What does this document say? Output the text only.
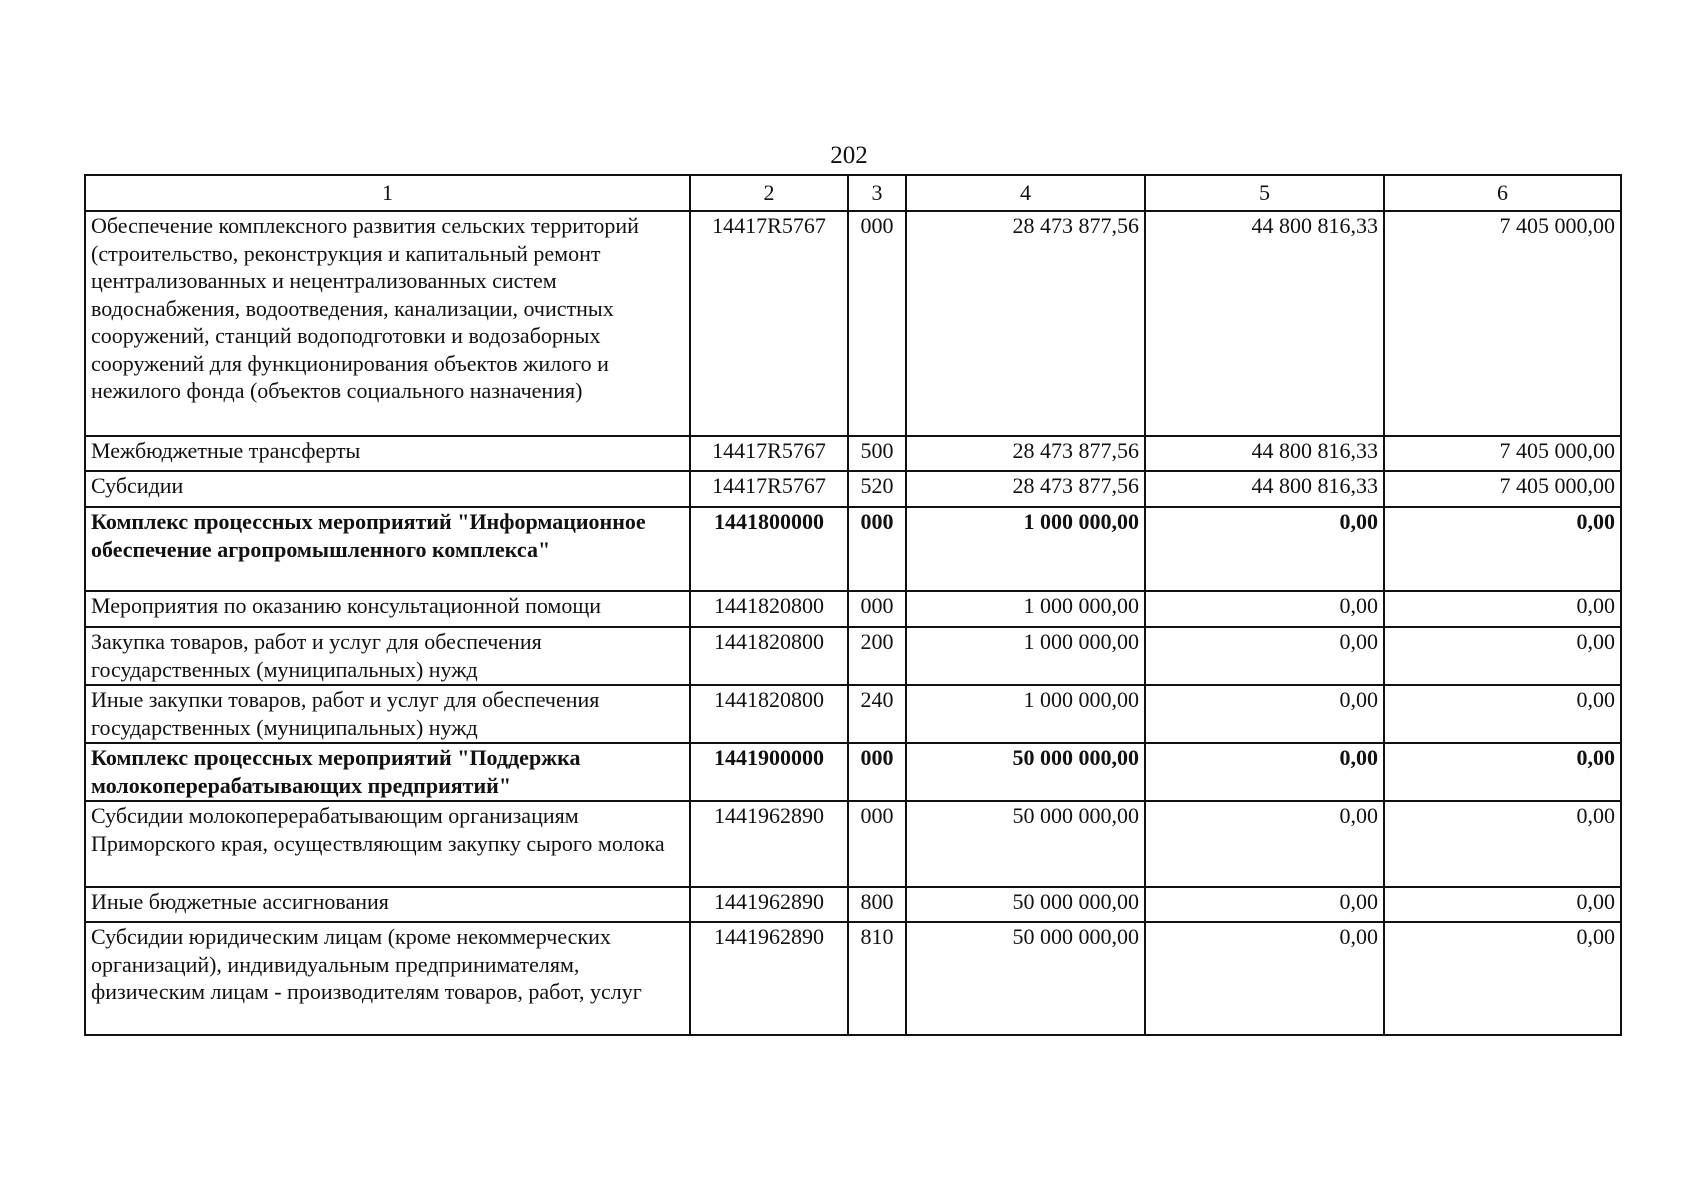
202
1	2	3	4	5	6
Обеспечение комплексного развития сельских территорий (строительство, реконструкция и капитальный ремонт централизованных и нецентрализованных систем водоснабжения, водоотведения, канализации, очистных сооружений, станций водоподготовки и водозаборных сооружений для функционирования объектов жилого и нежилого фонда (объектов социального назначения)	14417R5767	000	28 473 877,56	44 800 816,33	7 405 000,00
Межбюджетные трансферты	14417R5767	500	28 473 877,56	44 800 816,33	7 405 000,00
Субсидии	14417R5767	520	28 473 877,56	44 800 816,33	7 405 000,00
Комплекс процессных мероприятий "Информационное обеспечение агропромышленного комплекса"	1441800000	000	1 000 000,00	0,00	0,00
Мероприятия по оказанию консультационной помощи	1441820800	000	1 000 000,00	0,00	0,00
Закупка товаров, работ и услуг для обеспечения государственных (муниципальных) нужд	1441820800	200	1 000 000,00	0,00	0,00
Иные закупки товаров, работ и услуг для обеспечения государственных (муниципальных) нужд	1441820800	240	1 000 000,00	0,00	0,00
Комплекс процессных мероприятий "Поддержка молокоперерабатывающих предприятий"	1441900000	000	50 000 000,00	0,00	0,00
Субсидии молокоперерабатывающим организациям Приморского края, осуществляющим закупку сырого молока	1441962890	000	50 000 000,00	0,00	0,00
Иные бюджетные ассигнования	1441962890	800	50 000 000,00	0,00	0,00
Субсидии юридическим лицам (кроме некоммерческих организаций), индивидуальным предпринимателям, физическим лицам - производителям товаров, работ, услуг	1441962890	810	50 000 000,00	0,00	0,00
